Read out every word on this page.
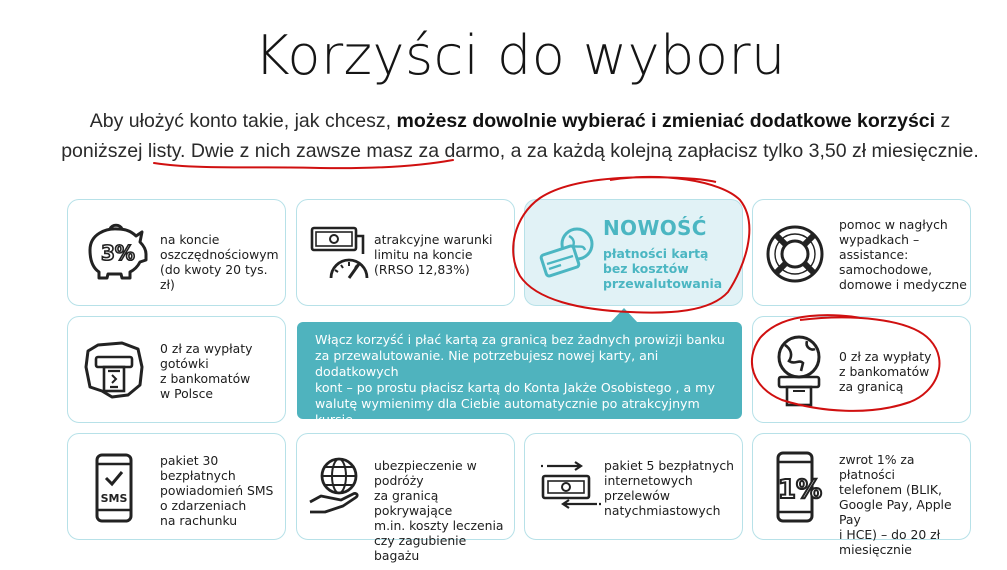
Korzyści do wyboru
Aby ułożyć konto takie, jak chcesz, możesz dowolnie wybierać i zmieniać dodatkowe korzyści z poniższej listy. Dwie z nich zawsze masz za darmo, a za każdą kolejną zapłacisz tylko 3,50 zł miesięcznie.
3%
na koncie
oszczędnościowym
(do kwoty 20 tys. zł)
atrakcyjne warunki
limitu na koncie
(RRSO 12,83%)
NOWOŚĆ
płatności kartą
bez kosztów
przewalutowania
pomoc w nagłych
wypadkach –
assistance:
samochodowe,
domowe i medyczne
0 zł za wypłaty
gotówki
z bankomatów
w Polsce
0 zł za wypłaty
z bankomatów
za granicą
SMS
pakiet 30
bezpłatnych
powiadomień SMS
o zdarzeniach
na rachunku
ubezpieczenie w podróży
za granicą pokrywające
m.in. koszty leczenia
czy zagubienie bagażu
pakiet 5 bezpłatnych
internetowych
przelewów
natychmiastowych
1%
zwrot 1% za płatności
telefonem (BLIK,
Google Pay, Apple Pay
i HCE) – do 20 zł
miesięcznie
Włącz korzyść i płać kartą za granicą bez żadnych prowizji banku
za przewalutowanie. Nie potrzebujesz nowej karty, ani dodatkowych
kont – po prostu płacisz kartą do Konta Jakże Osobistego , a my
walutę wymienimy dla Ciebie automatycznie po atrakcyjnym kursie.
